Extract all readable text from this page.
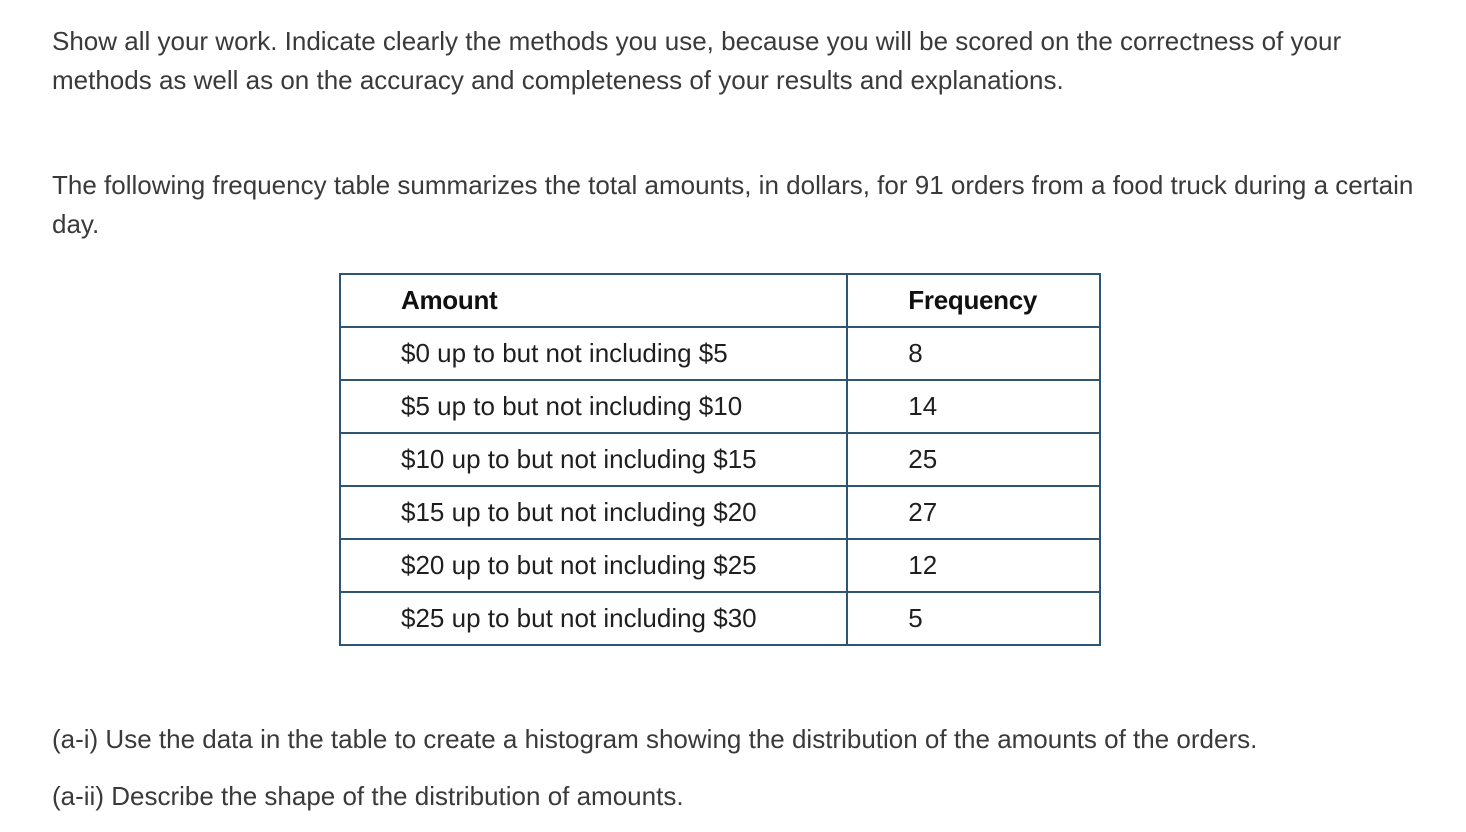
Show all your work. Indicate clearly the methods you use, because you will be scored on the correctness of your methods as well as on the accuracy and completeness of your results and explanations.

The following frequency table summarizes the total amounts, in dollars, for 91 orders from a food truck during a certain day.

Amount	Frequency
$0 up to but not including $5	8
$5 up to but not including $10	14
$10 up to but not including $15	25
$15 up to but not including $20	27
$20 up to but not including $25	12
$25 up to but not including $30	5

(a-i) Use the data in the table to create a histogram showing the distribution of the amounts of the orders.

(a-ii) Describe the shape of the distribution of amounts.
